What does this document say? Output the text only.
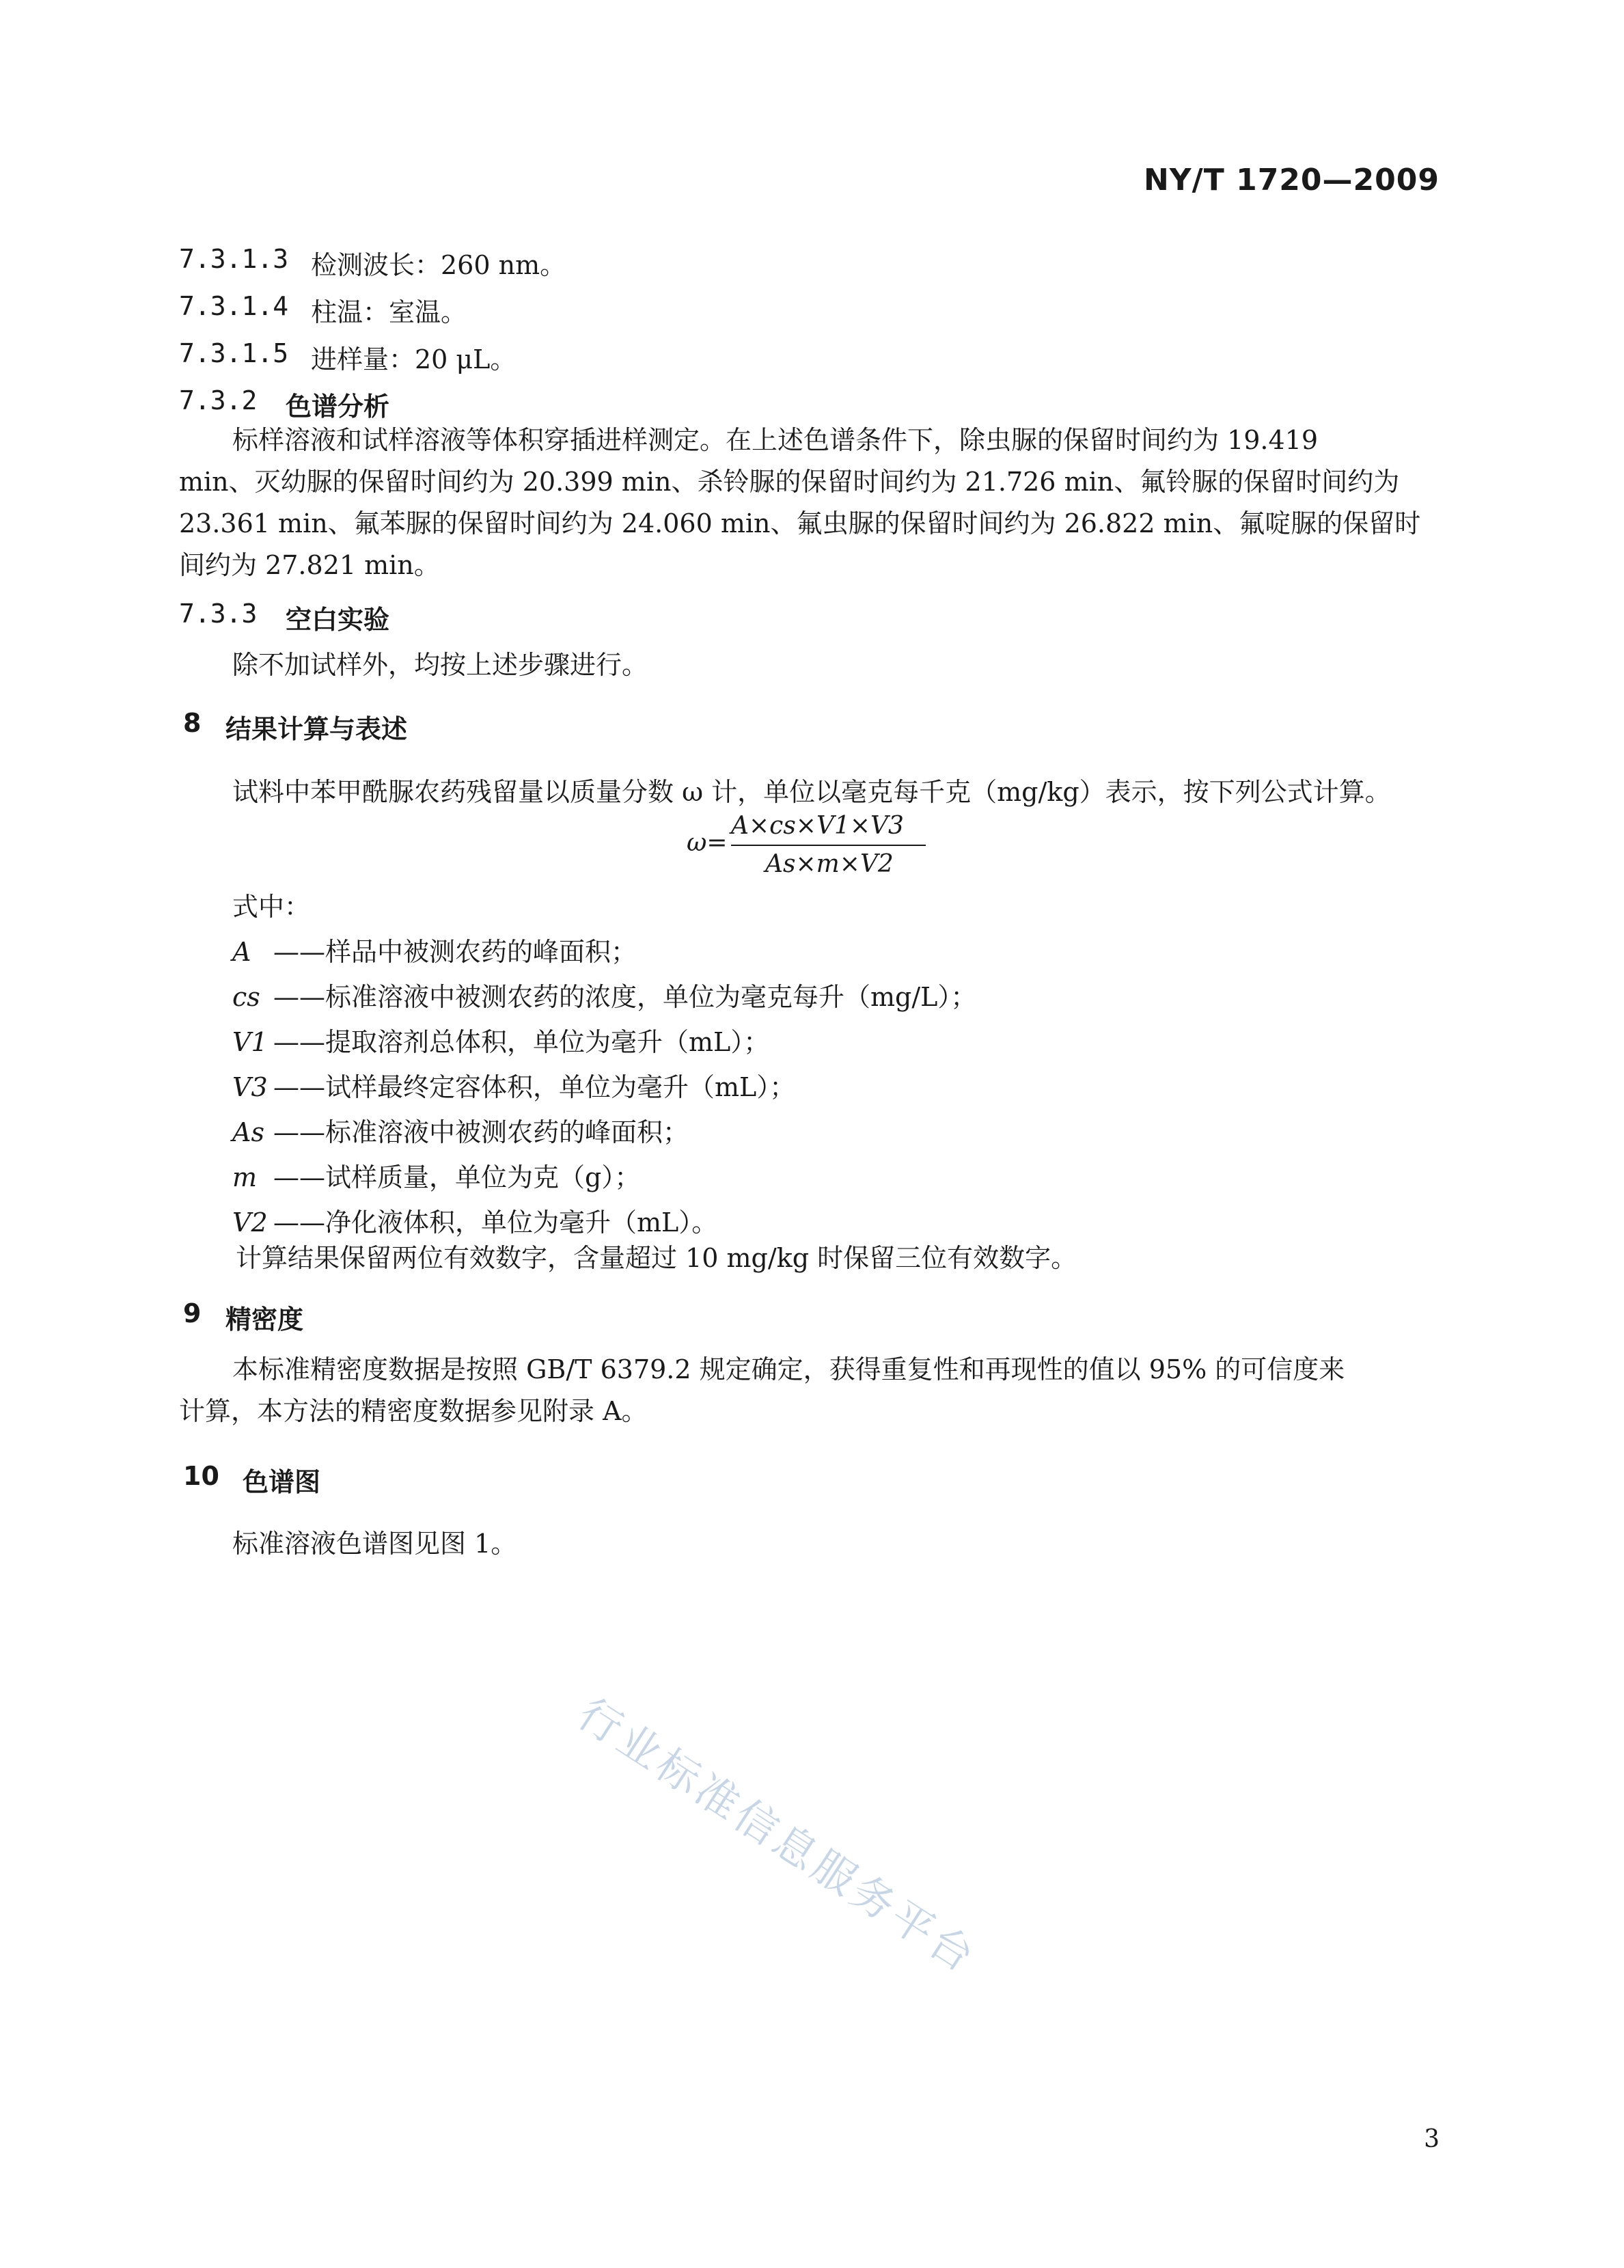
NY/T 1720—2009
7.3.1.3 检测波长：260 nm。
7.3.1.4 柱温：室温。
7.3.1.5 进样量：20 μL。
7.3.2 色谱分析
标样溶液和试样溶液等体积穿插进样测定。在上述色谱条件下，除虫脲的保留时间约为 19.419
min、灭幼脲的保留时间约为 20.399 min、杀铃脲的保留时间约为 21.726 min、氟铃脲的保留时间约为
23.361 min、氟苯脲的保留时间约为 24.060 min、氟虫脲的保留时间约为 26.822 min、氟啶脲的保留时
间约为 27.821 min。
7.3.3 空白实验
除不加试样外，均按上述步骤进行。
8 结果计算与表述
试料中苯甲酰脲农药残留量以质量分数 ω 计，单位以毫克每千克（mg/kg）表示，按下列公式计算。
ω=
A×cs×V1×V3
As×m×V2
式中：
A ——样品中被测农药的峰面积；
cs ——标准溶液中被测农药的浓度，单位为毫克每升（mg/L）；
V1 ——提取溶剂总体积，单位为毫升（mL）；
V3 ——试样最终定容体积，单位为毫升（mL）；
As ——标准溶液中被测农药的峰面积；
m ——试样质量，单位为克（g）；
V2 ——净化液体积，单位为毫升（mL）。
计算结果保留两位有效数字，含量超过 10 mg/kg 时保留三位有效数字。
9 精密度
本标准精密度数据是按照 GB/T 6379.2 规定确定，获得重复性和再现性的值以 95% 的可信度来
计算，本方法的精密度数据参见附录 A。
10 色谱图
标准溶液色谱图见图 1。
行业标准信息服务平台
3
